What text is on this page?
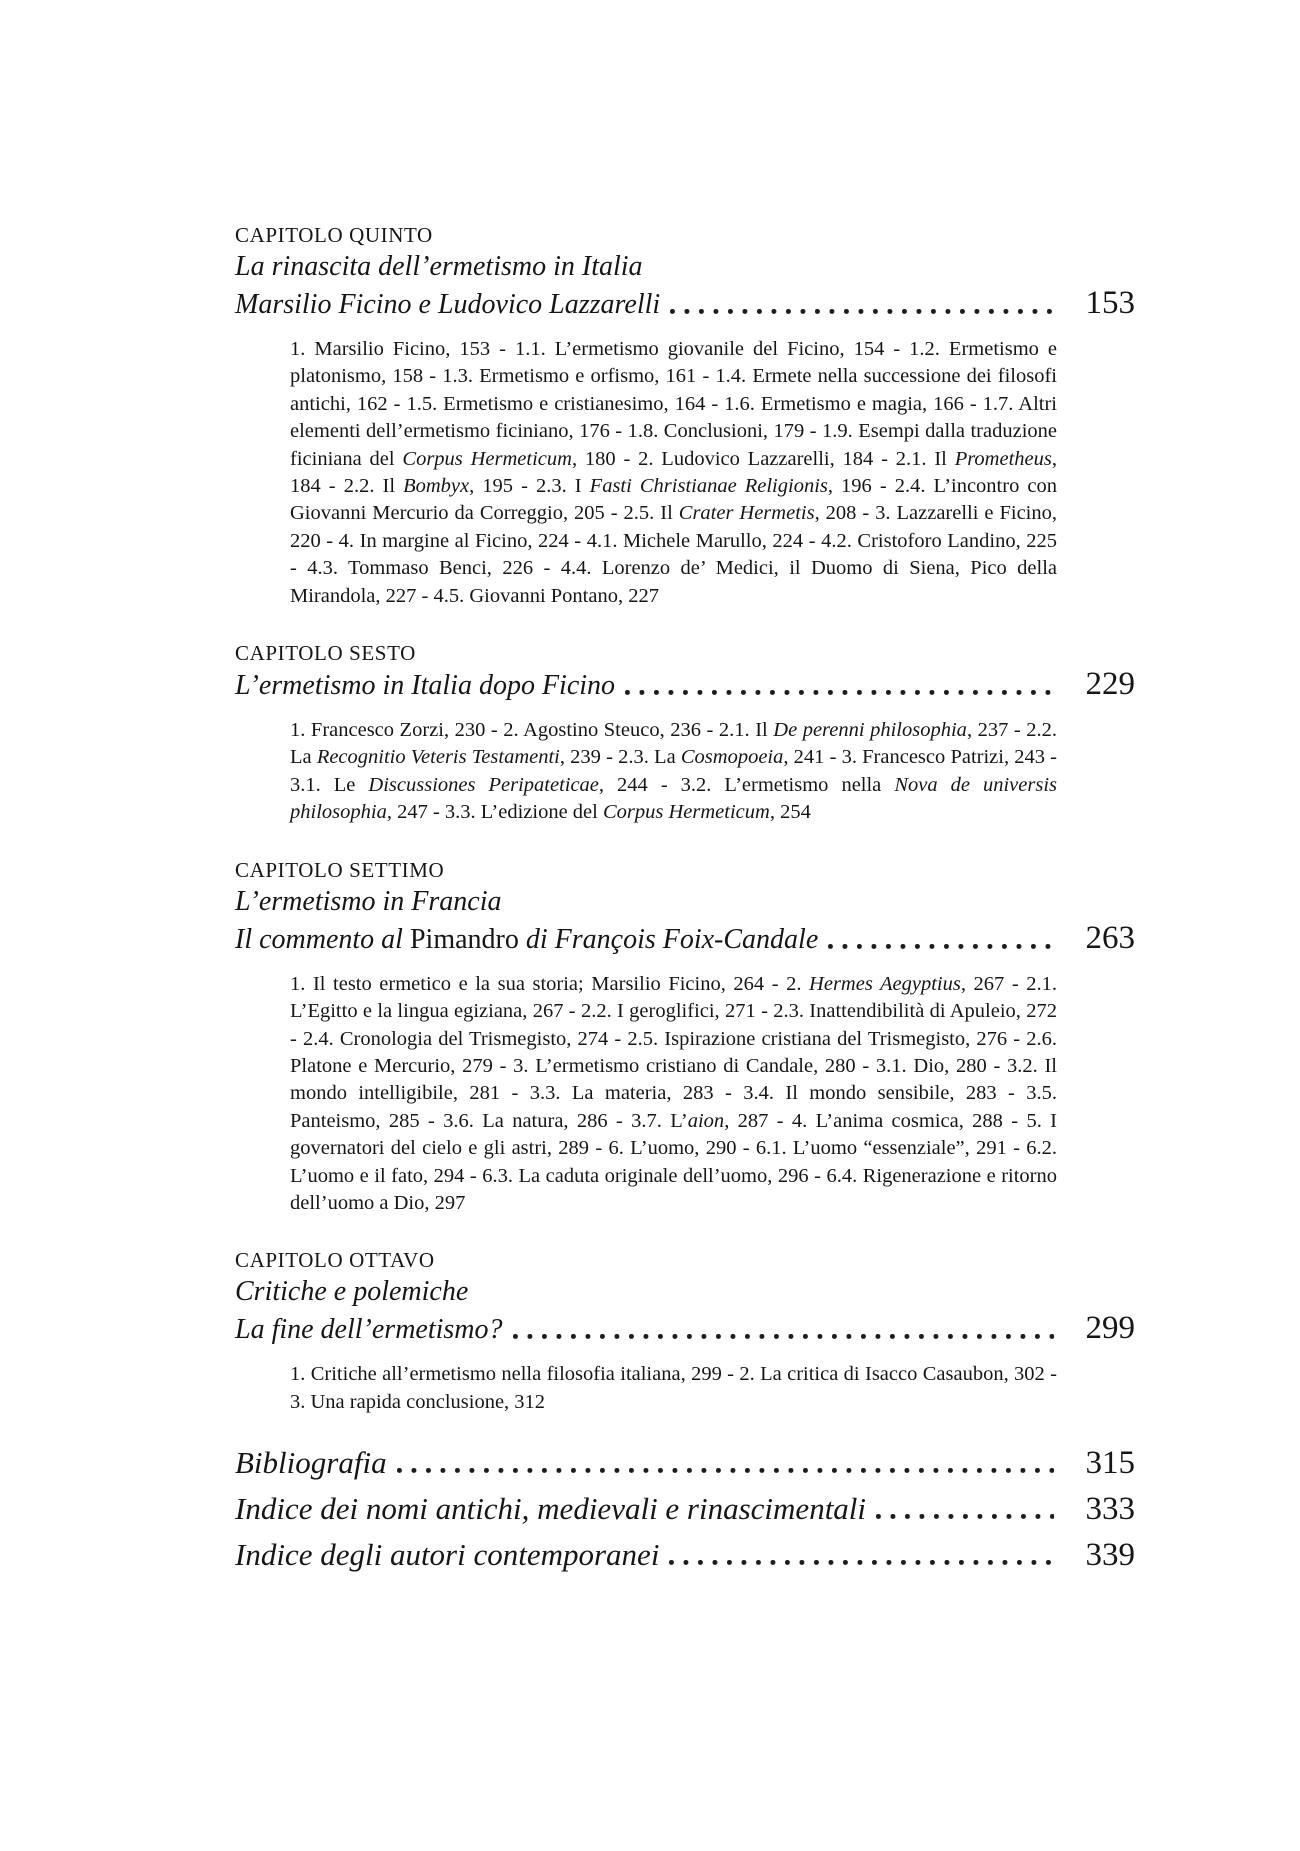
CAPITOLO QUINTO
La rinascita dell’ermetismo in Italia
Marsilio Ficino e Ludovico Lazzarelli	153

1. Marsilio Ficino, 153 - 1.1. L’ermetismo giovanile del Ficino, 154 - 1.2. Ermetismo e platonismo, 158 - 1.3. Ermetismo e orfismo, 161 - 1.4. Ermete nella successione dei filosofi antichi, 162 - 1.5. Ermetismo e cristianesimo, 164 - 1.6. Ermetismo e magia, 166 - 1.7. Altri elementi dell’ermetismo ficiniano, 176 - 1.8. Conclusioni, 179 - 1.9. Esempi dalla traduzione ficiniana del Corpus Hermeticum, 180 - 2. Ludovico Lazzarelli, 184 - 2.1. Il Prometheus, 184 - 2.2. Il Bombyx, 195 - 2.3. I Fasti Christianae Religionis, 196 - 2.4. L’incontro con Giovanni Mercurio da Correggio, 205 - 2.5. Il Crater Hermetis, 208 - 3. Lazzarelli e Ficino, 220 - 4. In margine al Ficino, 224 - 4.1. Michele Marullo, 224 - 4.2. Cristoforo Landino, 225 - 4.3. Tommaso Benci, 226 - 4.4. Lorenzo de’ Medici, il Duomo di Siena, Pico della Mirandola, 227 - 4.5. Giovanni Pontano, 227

CAPITOLO SESTO
L’ermetismo in Italia dopo Ficino	229

1. Francesco Zorzi, 230 - 2. Agostino Steuco, 236 - 2.1. Il De perenni philosophia, 237 - 2.2. La Recognitio Veteris Testamenti, 239 - 2.3. La Cosmopoeia, 241 - 3. Francesco Patrizi, 243 - 3.1. Le Discussiones Peripateticae, 244 - 3.2. L’ermetismo nella Nova de universis philosophia, 247 - 3.3. L’edizione del Corpus Hermeticum, 254

CAPITOLO SETTIMO
L’ermetismo in Francia
Il commento al Pimandro di François Foix-Candale	263

1. Il testo ermetico e la sua storia; Marsilio Ficino, 264 - 2. Hermes Aegyptius, 267 - 2.1. L’Egitto e la lingua egiziana, 267 - 2.2. I geroglifici, 271 - 2.3. Inattendibilità di Apuleio, 272 - 2.4. Cronologia del Trismegisto, 274 - 2.5. Ispirazione cristiana del Trismegisto, 276 - 2.6. Platone e Mercurio, 279 - 3. L’ermetismo cristiano di Candale, 280 - 3.1. Dio, 280 - 3.2. Il mondo intelligibile, 281 - 3.3. La materia, 283 - 3.4. Il mondo sensibile, 283 - 3.5. Panteismo, 285 - 3.6. La natura, 286 - 3.7. L’aion, 287 - 4. L’anima cosmica, 288 - 5. I governatori del cielo e gli astri, 289 - 6. L’uomo, 290 - 6.1. L’uomo “essenziale”, 291 - 6.2. L’uomo e il fato, 294 - 6.3. La caduta originale dell’uomo, 296 - 6.4. Rigenerazione e ritorno dell’uomo a Dio, 297

CAPITOLO OTTAVO
Critiche e polemiche
La fine dell’ermetismo?	299

1. Critiche all’ermetismo nella filosofia italiana, 299 - 2. La critica di Isacco Casaubon, 302 - 3. Una rapida conclusione, 312

Bibliografia	315
Indice dei nomi antichi, medievali e rinascimentali	333
Indice degli autori contemporanei	339
